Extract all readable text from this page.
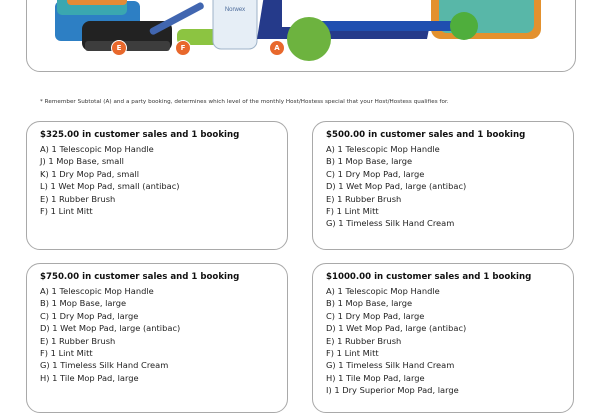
Norwex
E	F	A
* Remember Subtotal (A) and a party booking, determines which level of the monthly Host/Hostess special that your Host/Hostess qualifies for.
$325.00 in customer sales and 1 booking
A) 1 Telescopic Mop Handle
J) 1 Mop Base, small
K) 1 Dry Mop Pad, small
L) 1 Wet Mop Pad, small (antibac)
E) 1 Rubber Brush
F) 1 Lint Mitt
$500.00 in customer sales and 1 booking
A) 1 Telescopic Mop Handle
B) 1 Mop Base, large
C) 1 Dry Mop Pad, large
D) 1 Wet Mop Pad, large (antibac)
E) 1 Rubber Brush
F) 1 Lint Mitt
G) 1 Timeless Silk Hand Cream
$750.00 in customer sales and 1 booking
A) 1 Telescopic Mop Handle
B) 1 Mop Base, large
C) 1 Dry Mop Pad, large
D) 1 Wet Mop Pad, large (antibac)
E) 1 Rubber Brush
F) 1 Lint Mitt
G) 1 Timeless Silk Hand Cream
H) 1 Tile Mop Pad, large
$1000.00 in customer sales and 1 booking
A) 1 Telescopic Mop Handle
B) 1 Mop Base, large
C) 1 Dry Mop Pad, large
D) 1 Wet Mop Pad, large (antibac)
E) 1 Rubber Brush
F) 1 Lint Mitt
G) 1 Timeless Silk Hand Cream
H) 1 Tile Mop Pad, large
I) 1 Dry Superior Mop Pad, large
